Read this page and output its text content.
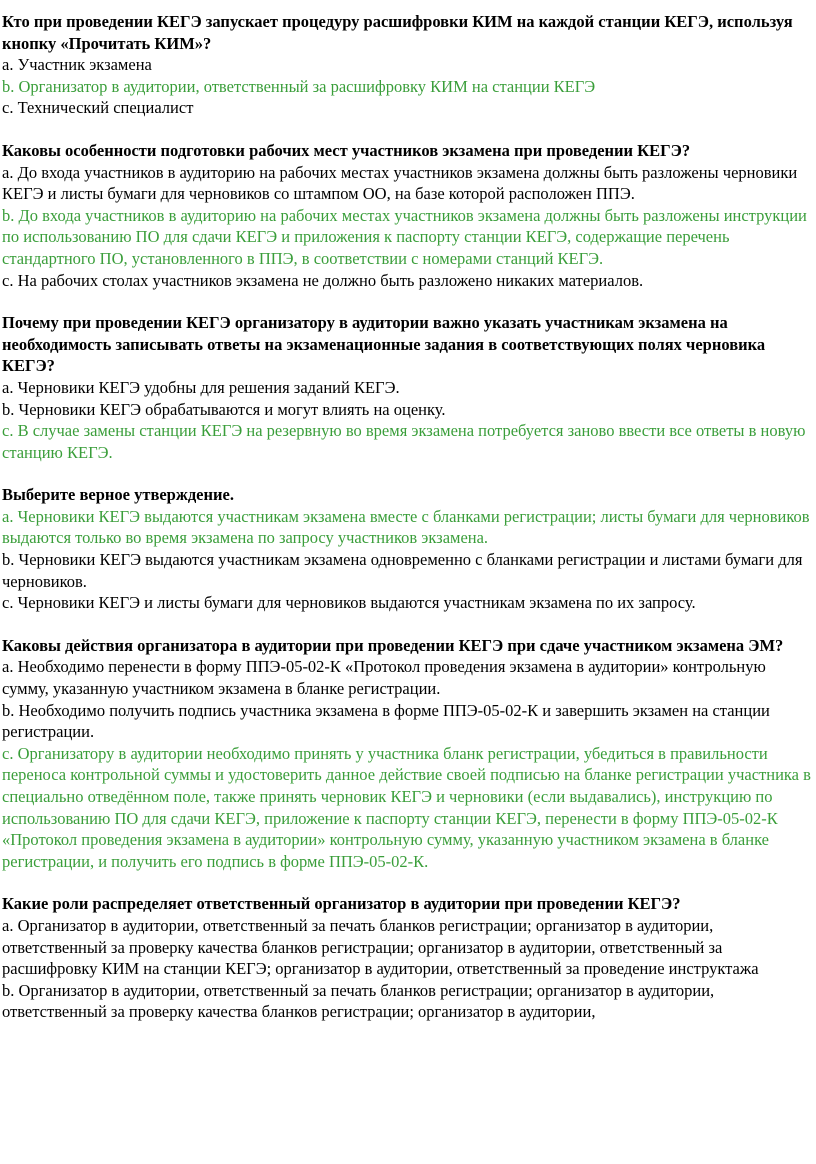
Кто при проведении КЕГЭ запускает процедуру расшифровки КИМ на каждой станции КЕГЭ, используя кнопку «Прочитать КИМ»?

a. Участник экзамена

b. Организатор в аудитории, ответственный за расшифровку КИМ на станции КЕГЭ

c. Технический специалист

Каковы особенности подготовки рабочих мест участников экзамена при проведении КЕГЭ?

a. До входа участников в аудиторию на рабочих местах участников экзамена должны быть разложены черновики КЕГЭ и листы бумаги для черновиков со штампом ОО, на базе которой расположен ППЭ.

b. До входа участников в аудиторию на рабочих местах участников экзамена должны быть разложены инструкции по использованию ПО для сдачи КЕГЭ и приложения к паспорту станции КЕГЭ, содержащие перечень стандартного ПО, установленного в ППЭ, в соответствии с номерами станций КЕГЭ.

c. На рабочих столах участников экзамена не должно быть разложено никаких материалов.

Почему при проведении КЕГЭ организатору в аудитории важно указать участникам экзамена на необходимость записывать ответы на экзаменационные задания в соответствующих полях черновика КЕГЭ?

a. Черновики КЕГЭ удобны для решения заданий КЕГЭ.

b. Черновики КЕГЭ обрабатываются и могут влиять на оценку.

c. В случае замены станции КЕГЭ на резервную во время экзамена потребуется заново ввести все ответы в новую станцию КЕГЭ.

Выберите верное утверждение.

a. Черновики КЕГЭ выдаются участникам экзамена вместе с бланками регистрации; листы бумаги для черновиков выдаются только во время экзамена по запросу участников экзамена.

b. Черновики КЕГЭ выдаются участникам экзамена одновременно с бланками регистрации и листами бумаги для черновиков.

c. Черновики КЕГЭ и листы бумаги для черновиков выдаются участникам экзамена по их запросу.

Каковы действия организатора в аудитории при проведении КЕГЭ при сдаче участником экзамена ЭМ?

a. Необходимо перенести в форму ППЭ-05-02-К «Протокол проведения экзамена в аудитории» контрольную сумму, указанную участником экзамена в бланке регистрации.

b. Необходимо получить подпись участника экзамена в форме ППЭ-05-02-К и завершить экзамен на станции регистрации.

c. Организатору в аудитории необходимо принять у участника бланк регистрации, убедиться в правильности переноса контрольной суммы и удостоверить данное действие своей подписью на бланке регистрации участника в специально отведённом поле, также принять черновик КЕГЭ и черновики (если выдавались), инструкцию по использованию ПО для сдачи КЕГЭ, приложение к паспорту станции КЕГЭ, перенести в форму ППЭ-05-02-К «Протокол проведения экзамена в аудитории» контрольную сумму, указанную участником экзамена в бланке регистрации, и получить его подпись в форме ППЭ-05-02-К.

Какие роли распределяет ответственный организатор в аудитории при проведении КЕГЭ?

a. Организатор в аудитории, ответственный за печать бланков регистрации; организатор в аудитории, ответственный за проверку качества бланков регистрации; организатор в аудитории, ответственный за расшифровку КИМ на станции КЕГЭ; организатор в аудитории, ответственный за проведение инструктажа

b. Организатор в аудитории, ответственный за печать бланков регистрации; организатор в аудитории, ответственный за проверку качества бланков регистрации; организатор в аудитории,
